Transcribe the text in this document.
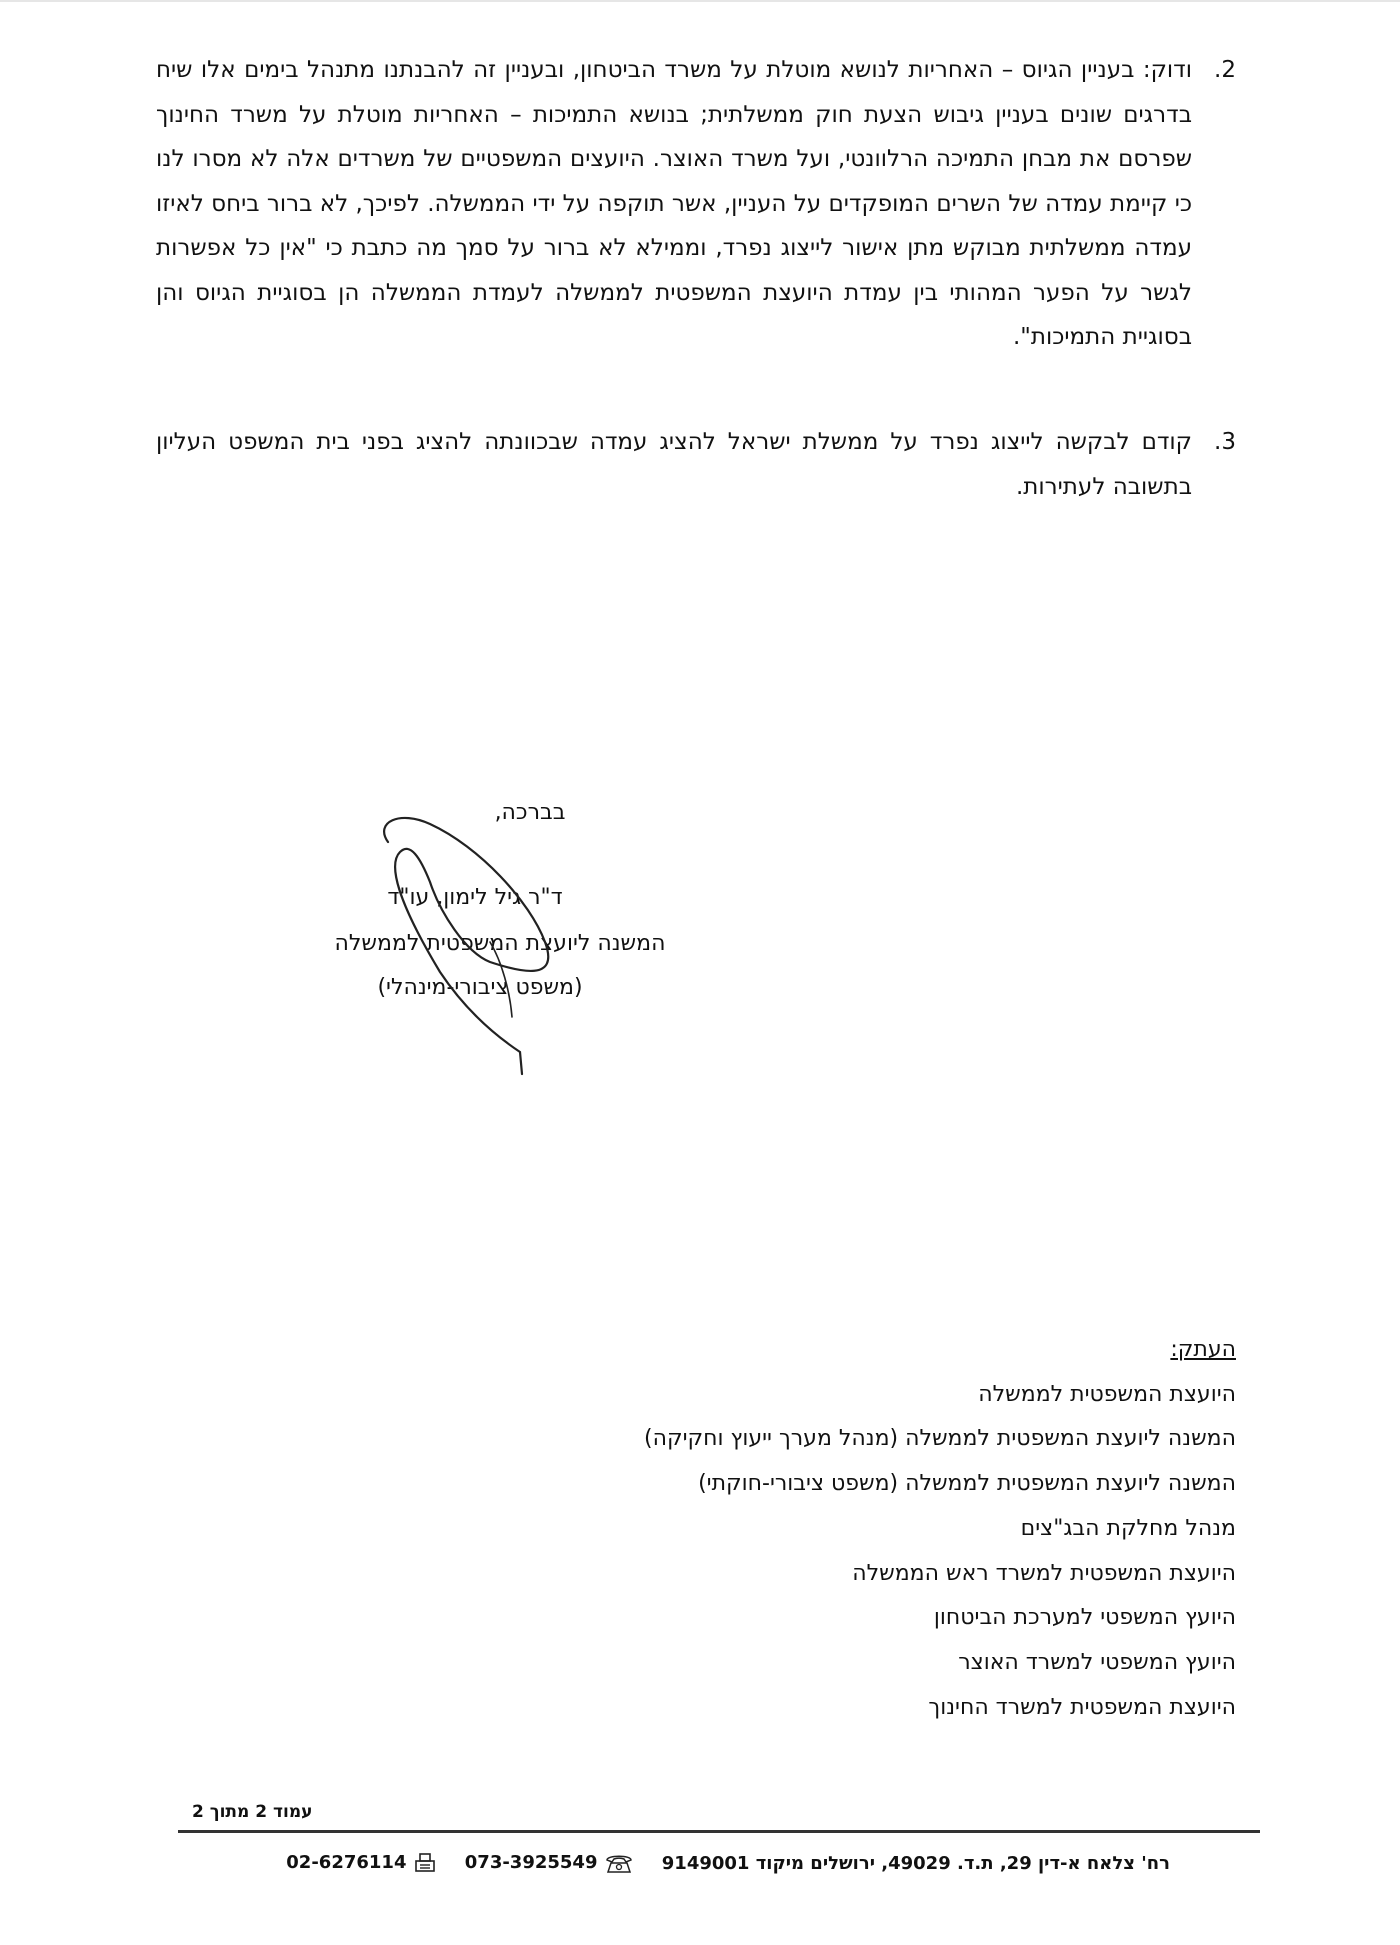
2.
ודוק: בעניין הגיוס – האחריות לנושא מוטלת על משרד הביטחון, ובעניין זה להבנתנו מתנהל בימים אלו שיח בדרגים שונים בעניין גיבוש הצעת חוק ממשלתית; בנושא התמיכות – האחריות מוטלת על משרד החינוך שפרסם את מבחן התמיכה הרלוונטי, ועל משרד האוצר. היועצים המשפטיים של משרדים אלה לא מסרו לנו כי קיימת עמדה של השרים המופקדים על העניין, אשר תוקפה על ידי הממשלה. לפיכך, לא ברור ביחס לאיזו עמדה ממשלתית מבוקש מתן אישור לייצוג נפרד, וממילא לא ברור על סמך מה כתבת כי "אין כל אפשרות לגשר על הפער המהותי בין עמדת היועצת המשפטית לממשלה לעמדת הממשלה הן בסוגיית הגיוס והן בסוגיית התמיכות".
3.
קודם לבקשה לייצוג נפרד על ממשלת ישראל להציג עמדה שבכוונתה להציג בפני בית המשפט העליון בתשובה לעתירות.
בברכה,
ד"ר גיל לימון, עו"ד
המשנה ליועצת המשפטית לממשלה
(משפט ציבורי-מינהלי)
העתק:
היועצת המשפטית לממשלה
המשנה ליועצת המשפטית לממשלה (מנהל מערך ייעוץ וחקיקה)
המשנה ליועצת המשפטית לממשלה (משפט ציבורי-חוקתי)
מנהל מחלקת הבג"צים
היועצת המשפטית למשרד ראש הממשלה
היועץ המשפטי למערכת הביטחון
היועץ המשפטי למשרד האוצר
היועצת המשפטית למשרד החינוך
עמוד 2 מתוך 2
02-6276114	073-3925549	רח' צלאח א-דין 29, ת.ד. 49029, ירושלים מיקוד 9149001
